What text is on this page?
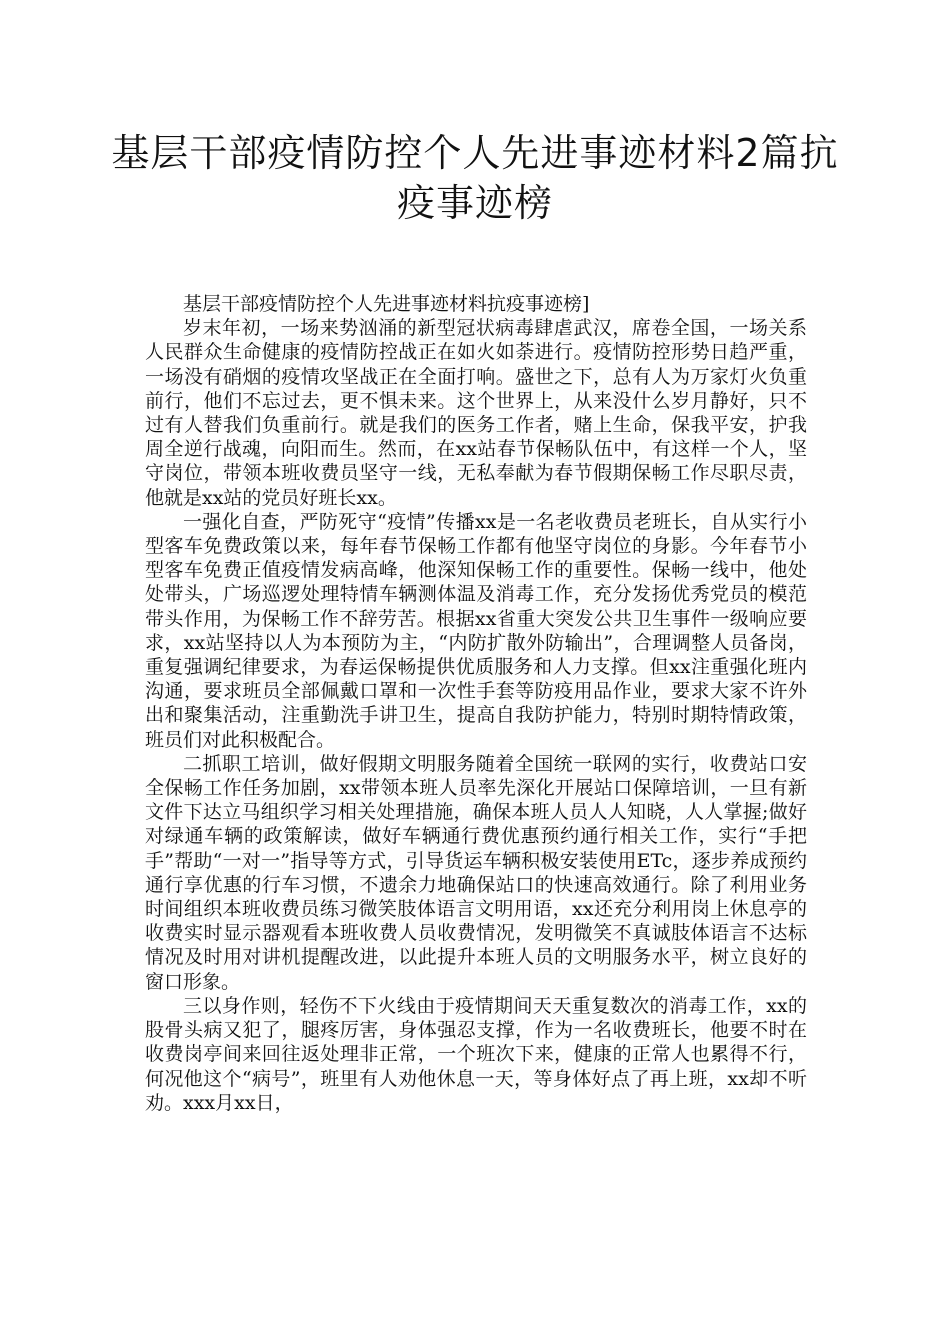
基层干部疫情防控个人先进事迹材料2篇抗疫事迹榜

基层干部疫情防控个人先进事迹材料抗疫事迹榜]

岁末年初，一场来势汹涌的新型冠状病毒肆虐武汉，席卷全国，一场关系人民群众生命健康的疫情防控战正在如火如荼进行。疫情防控形势日趋严重，一场没有硝烟的疫情攻坚战正在全面打响。盛世之下，总有人为万家灯火负重前行，他们不忘过去，更不惧未来。这个世界上，从来没什么岁月静好，只不过有人替我们负重前行。就是我们的医务工作者，赌上生命，保我平安，护我周全逆行战魂，向阳而生。然而，在xx站春节保畅队伍中，有这样一个人，坚守岗位，带领本班收费员坚守一线，无私奉献为春节假期保畅工作尽职尽责，他就是xx站的党员好班长xx。

一强化自查，严防死守“疫情”传播xx是一名老收费员老班长，自从实行小型客车免费政策以来，每年春节保畅工作都有他坚守岗位的身影。今年春节小型客车免费正值疫情发病高峰，他深知保畅工作的重要性。保畅一线中，他处处带头，广场巡逻处理特情车辆测体温及消毒工作，充分发扬优秀党员的模范带头作用，为保畅工作不辞劳苦。根据xx省重大突发公共卫生事件一级响应要求，xx站坚持以人为本预防为主，“内防扩散外防输出”，合理调整人员备岗，重复强调纪律要求，为春运保畅提供优质服务和人力支撑。但xx注重强化班内沟通，要求班员全部佩戴口罩和一次性手套等防疫用品作业，要求大家不许外出和聚集活动，注重勤洗手讲卫生，提高自我防护能力，特别时期特情政策，班员们对此积极配合。

二抓职工培训，做好假期文明服务随着全国统一联网的实行，收费站口安全保畅工作任务加剧，xx带领本班人员率先深化开展站口保障培训，一旦有新文件下达立马组织学习相关处理措施，确保本班人员人人知晓，人人掌握;做好对绿通车辆的政策解读，做好车辆通行费优惠预约通行相关工作，实行“手把手”帮助“一对一”指导等方式，引导货运车辆积极安装使用ETc，逐步养成预约通行享优惠的行车习惯，不遗余力地确保站口的快速高效通行。除了利用业务时间组织本班收费员练习微笑肢体语言文明用语，xx还充分利用岗上休息亭的收费实时显示器观看本班收费人员收费情况，发明微笑不真诚肢体语言不达标情况及时用对讲机提醒改进，以此提升本班人员的文明服务水平，树立良好的窗口形象。

三以身作则，轻伤不下火线由于疫情期间天天重复数次的消毒工作，xx的股骨头病又犯了，腿疼厉害，身体强忍支撑，作为一名收费班长，他要不时在收费岗亭间来回往返处理非正常，一个班次下来，健康的正常人也累得不行，何况他这个“病号”，班里有人劝他休息一天，等身体好点了再上班，xx却不听劝。xxx月xx日，
